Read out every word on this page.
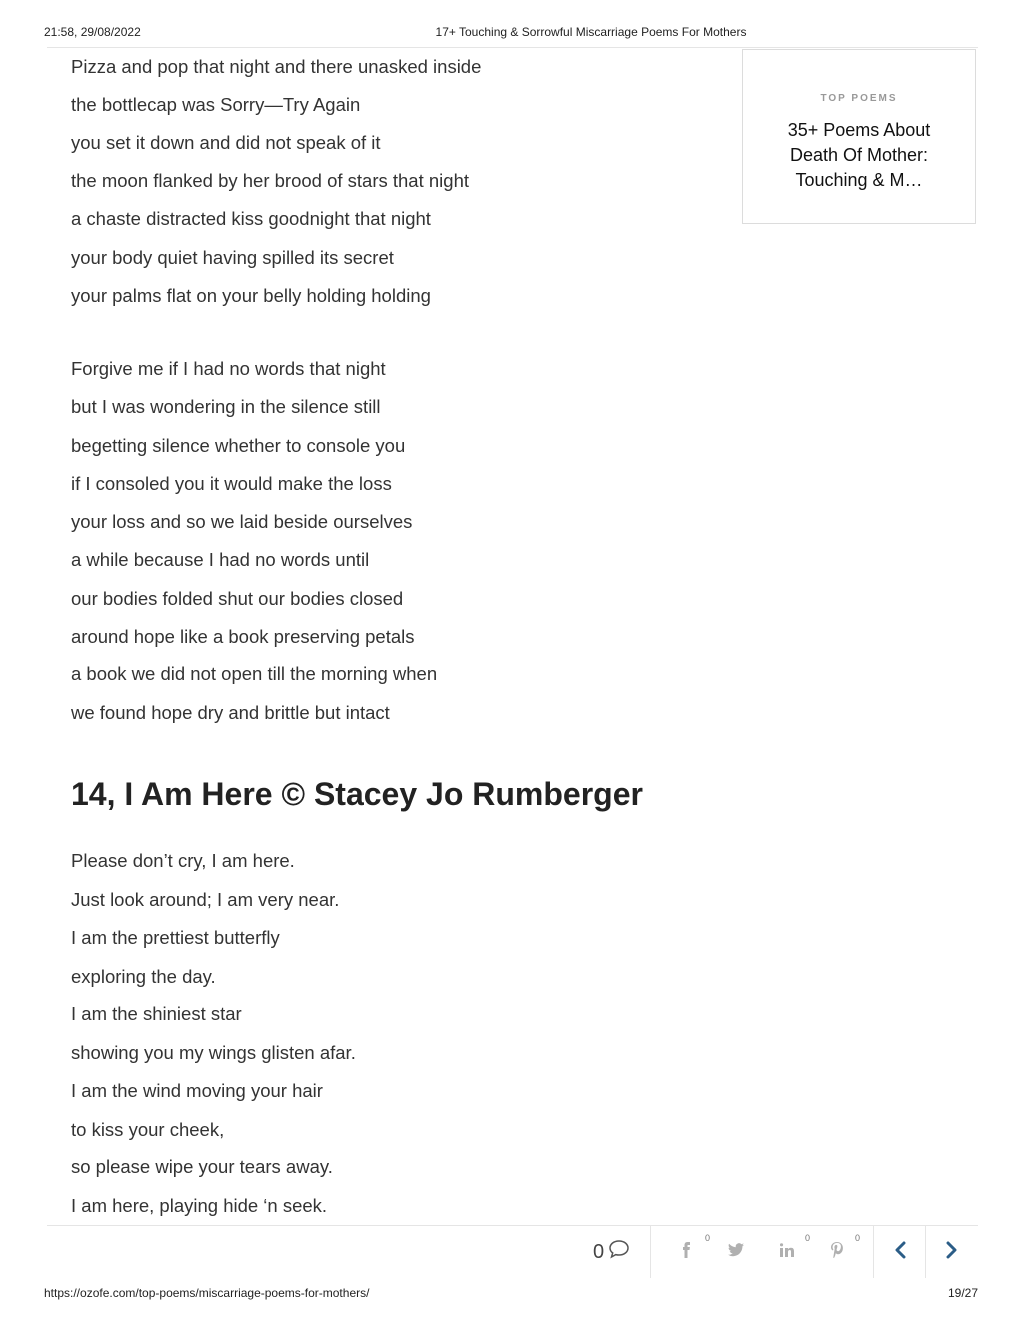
21:58, 29/08/2022	17+ Touching & Sorrowful Miscarriage Poems For Mothers
Pizza and pop that night and there unasked inside
the bottlecap was Sorry—Try Again
you set it down and did not speak of it
the moon flanked by her brood of stars that night
a chaste distracted kiss goodnight that night
your body quiet having spilled its secret
your palms flat on your belly holding holding
Forgive me if I had no words that night
but I was wondering in the silence still
begetting silence whether to console you
if I consoled you it would make the loss
your loss and so we laid beside ourselves
a while because I had no words until
our bodies folded shut our bodies closed
around hope like a book preserving petals
a book we did not open till the morning when
we found hope dry and brittle but intact
14, I Am Here © Stacey Jo Rumberger
Please don’t cry, I am here.
Just look around; I am very near.
I am the prettiest butterfly
exploring the day.
I am the shiniest star
showing you my wings glisten afar.
I am the wind moving your hair
to kiss your cheek,
so please wipe your tears away.
I am here, playing hide ‘n seek.
TOP POEMS
35+ Poems About Death Of Mother: Touching & M…
0
0	0	0
https://ozofe.com/top-poems/miscarriage-poems-for-mothers/	19/27
